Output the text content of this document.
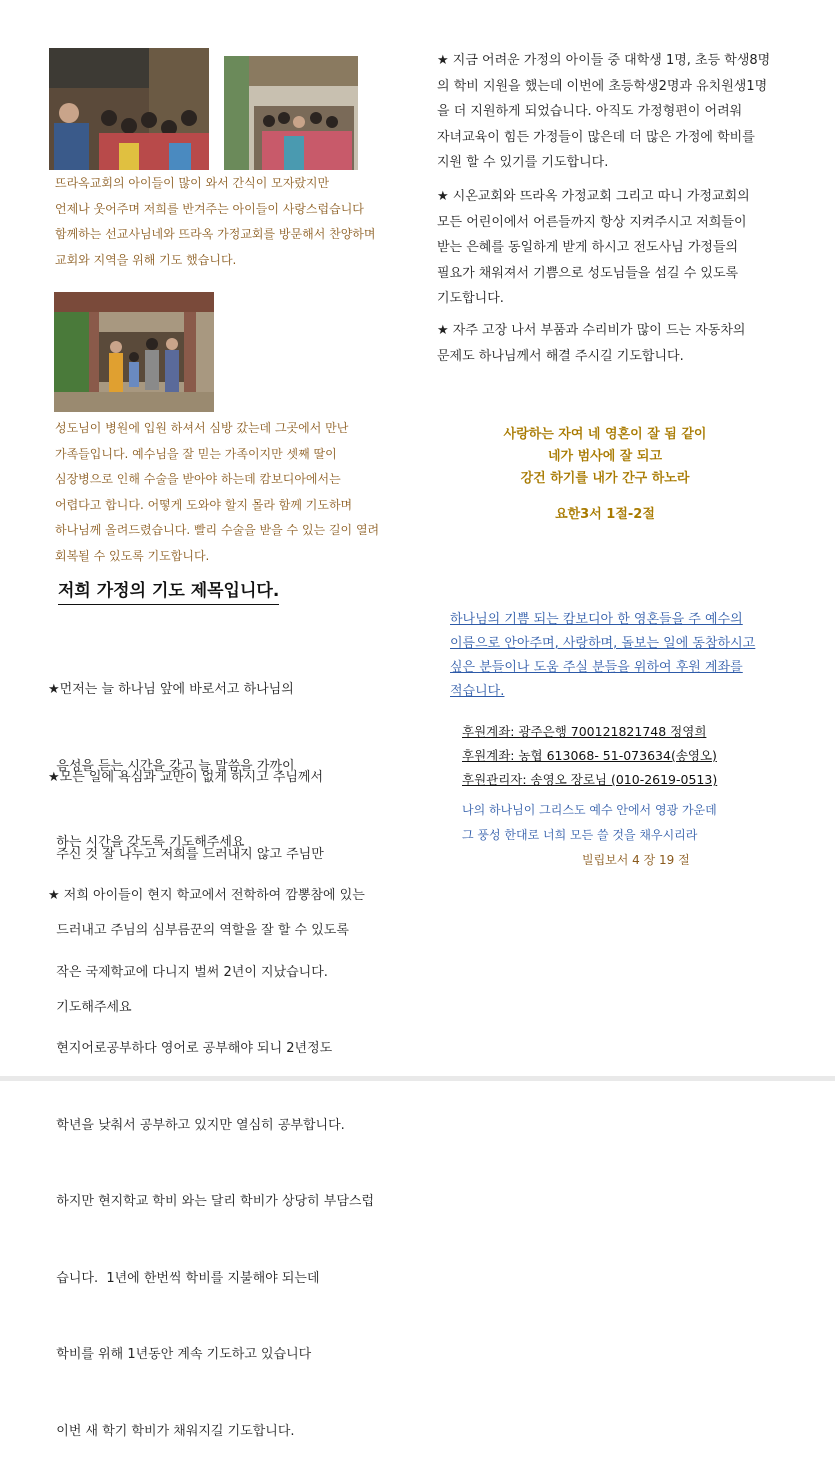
뜨라옥교회의 아이들이 많이 와서 간식이 모자랐지만
언제나 웃어주며 저희를 반겨주는 아이들이 사랑스럽습니다
함께하는 선교사님네와 뜨라옥 가정교회를 방문해서 찬양하며
교회와 지역을 위해 기도 했습니다.
성도님이 병원에 입원 하셔서 심방 갔는데 그곳에서 만난
가족들입니다. 예수님을 잘 믿는 가족이지만 셋째 딸이
심장병으로 인해 수술을 받아야 하는데 캄보디아에서는
어렵다고 합니다. 어떻게 도와야 할지 몰라 함께 기도하며
하나님께 올려드렸습니다. 빨리 수술을 받을 수 있는 길이 열려
회복될 수 있도록 기도합니다.
저희 가정의 기도 제목입니다.

★먼저는 늘 하나님 앞에 바로서고 하나님의

음성을 듣는 시간을 갖고 늘 말씀을 가까이

하는 시간을 갖도록 기도해주세요

★모든 일에 욕심과 교만이 없게 하시고 주님께서

주신 것 잘 나누고 저희를 드러내지 않고 주님만

드러내고 주님의 심부름꾼의 역할을 잘 할 수 있도록

기도해주세요

★ 저희 아이들이 현지 학교에서 전학하여 깜뽕참에 있는

작은 국제학교에 다니지 벌써 2년이 지났습니다.

현지어로공부하다 영어로 공부해야 되니 2년정도

학년을 낮춰서 공부하고 있지만 열심히 공부합니다.

하지만 현지학교 학비 와는 달리 학비가 상당히 부담스럽

습니다.  1년에 한번씩 학비를 지불해야 되는데

학비를 위해 1년동안 계속 기도하고 있습니다

이번 새 학기 학비가 채워지길 기도합니다.

★ 지금 어려운 가정의 아이들 중 대학생 1명, 초등 학생8명
의 학비 지원을 했는데 이번에 초등학생2명과 유치원생1명
을 더 지원하게 되었습니다. 아직도 가정형편이 어려워
자녀교육이 힘든 가정들이 많은데 더 많은 가정에 학비를
지원 할 수 있기를 기도합니다.
★ 시온교회와 뜨라옥 가정교회 그리고 따니 가정교회의
모든 어린이에서 어른들까지 항상 지켜주시고 저희들이
받는 은혜를 동일하게 받게 하시고 전도사님 가정들의
필요가 채워져서 기쁨으로 성도님들을 섬길 수 있도록
기도합니다.
★ 자주 고장 나서 부품과 수리비가 많이 드는 자동차의
문제도 하나님께서 해결 주시길 기도합니다.
사랑하는 자여 네 영혼이 잘 됨 같이
네가 범사에 잘 되고
강건 하기를 내가 간구 하노라
요한3서 1절-2절
하나님의 기쁨 되는 캄보디아 한 영혼들을 주 예수의
이름으로 안아주며, 사랑하며, 돌보는 일에 동참하시고
싶은 분들이나 도움 주실 분들을 위하여 후원 계좌를
적습니다.
후원계좌: 광주은행 700121821748 정영희
후원계좌: 농협 613068- 51-073634(송영오)
후원관리자: 송영오 장로님 (010-2619-0513)
나의 하나님이 그리스도 예수 안에서 영광 가운데
그 풍성 한대로 너희 모든 쓸 것을 채우시리라
빌립보서 4 장 19 절
